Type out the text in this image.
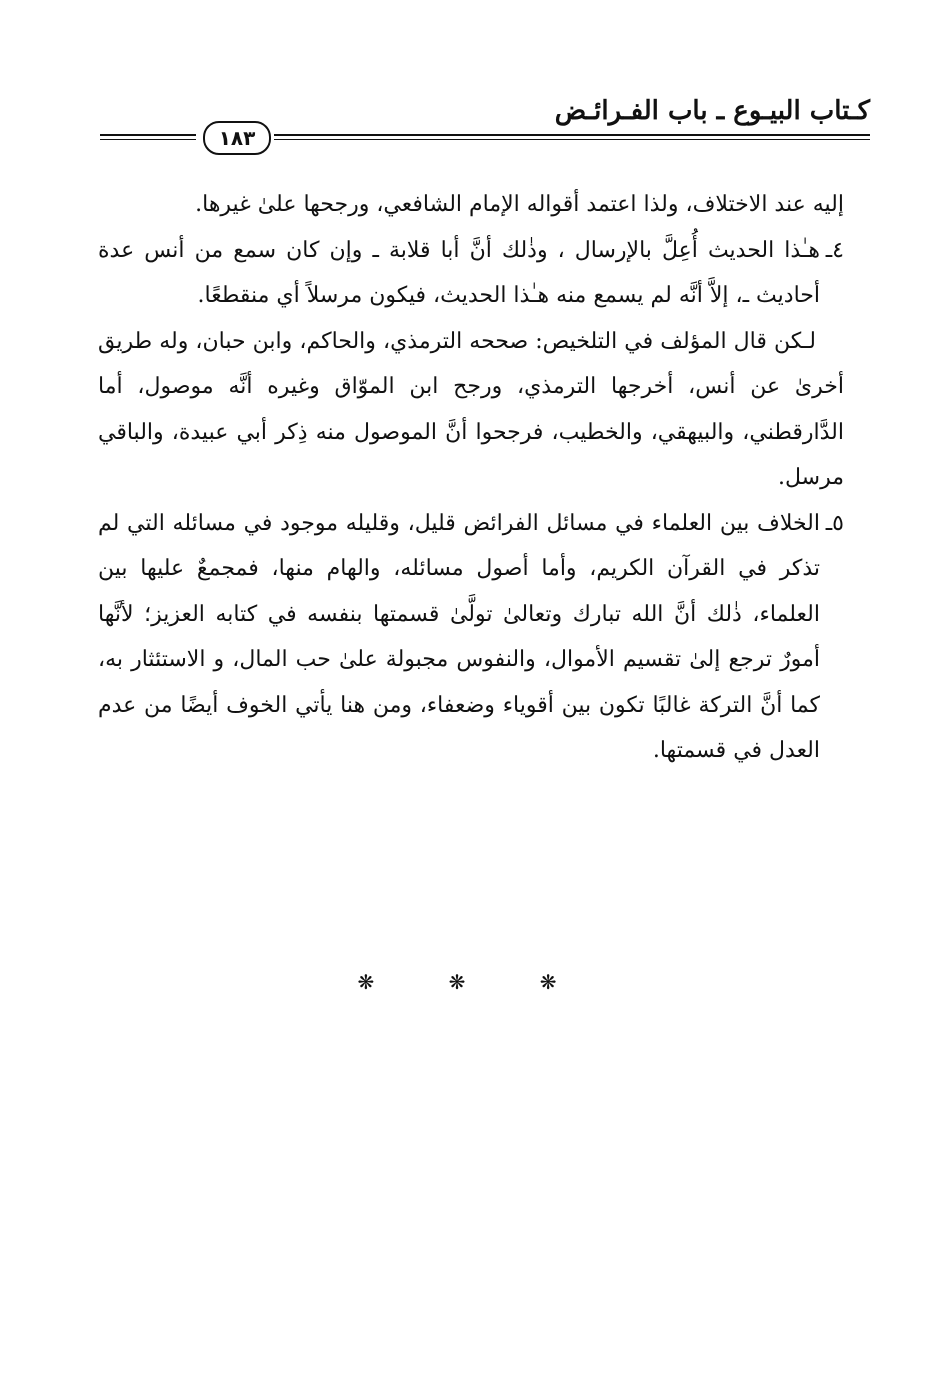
كـتاب البيـوع ـ باب الفـرائـض
١٨٣

إليه عند الاختلاف، ولذا اعتمد أقواله الإمام الشافعي، ورجحها علىٰ غيرها.

٤ـ
هـٰذا الحديث أُعِلَّ بالإرسال ، وذٰلك أنَّ أبا قلابة ـ وإن كان سمع من أنس عدة أحاديث ـ، إلاَّ أنَّه لم يسمع منه هـٰذا الحديث، فيكون مرسلاً أي منقطعًا.

لـكن قال المؤلف في التلخيص: صححه الترمذي، والحاكم، وابن حبان، وله طريق أخرىٰ عن أنس، أخرجها الترمذي، ورجح ابن الموّاق وغيره أنَّه موصول، أما الدَّارقطني، والبيهقي، والخطيب، فرجحوا أنَّ الموصول منه ذِكر أبي عبيدة، والباقي مرسل.

٥ـ
الخلاف بين العلماء في مسائل الفرائض قليل، وقليله موجود في مسائله التي لم تذكر في القرآن الكريم، وأما أصول مسائله، والهام منها، فمجمعٌ عليها بين العلماء، ذٰلك أنَّ الله تبارك وتعالىٰ تولَّىٰ قسمتها بنفسه في كتابه العزيز؛ لأنَّها أمورٌ ترجع إلىٰ تقسيم الأموال، والنفوس مجبولة علىٰ حب المال، و الاستئثار به، كما أنَّ التركة غالبًا تكون بين أقوياء وضعفاء، ومن هنا يأتي الخوف أيضًا من عدم العدل في قسمتها.

❋ ❋ ❋
